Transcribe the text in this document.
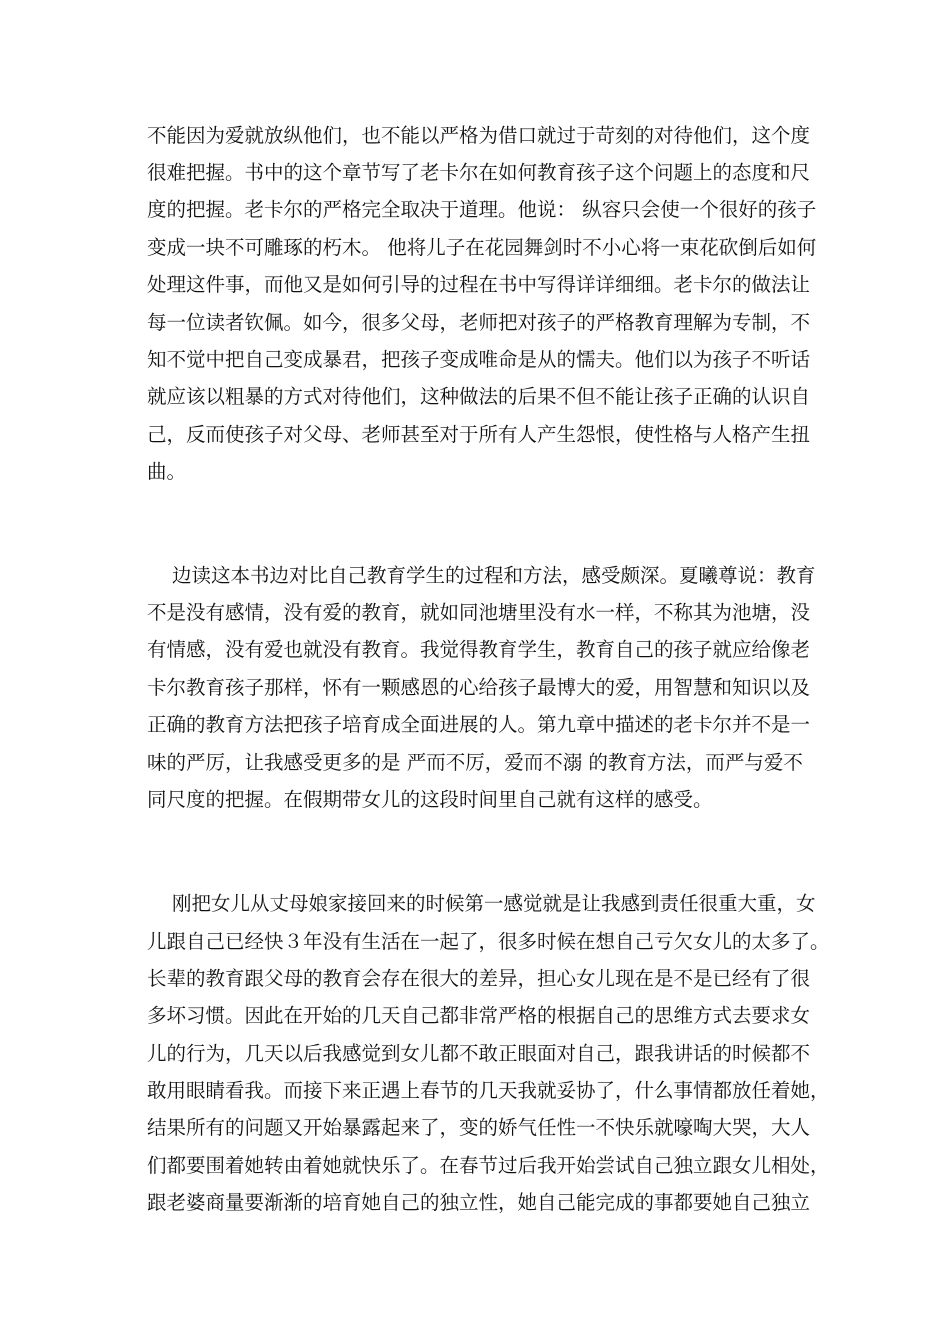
不能因为爱就放纵他们，也不能以严格为借口就过于苛刻的对待他们，这个度
很难把握。书中的这个章节写了老卡尔在如何教育孩子这个问题上的态度和尺
度的把握。老卡尔的严格完全取决于道理。他说： 纵容只会使一个很好的孩子
变成一块不可雕琢的朽木。 他将儿子在花园舞剑时不小心将一束花砍倒后如何
处理这件事，而他又是如何引导的过程在书中写得详详细细。老卡尔的做法让
每一位读者钦佩。如今，很多父母，老师把对孩子的严格教育理解为专制，不
知不觉中把自己变成暴君，把孩子变成唯命是从的懦夫。他们以为孩子不听话
就应该以粗暴的方式对待他们，这种做法的后果不但不能让孩子正确的认识自
己，反而使孩子对父母、老师甚至对于所有人产生怨恨，使性格与人格产生扭
曲。
边读这本书边对比自己教育学生的过程和方法，感受颇深。夏曦尊说：教育
不是没有感情，没有爱的教育，就如同池塘里没有水一样，不称其为池塘，没
有情感，没有爱也就没有教育。我觉得教育学生，教育自己的孩子就应给像老
卡尔教育孩子那样，怀有一颗感恩的心给孩子最博大的爱，用智慧和知识以及
正确的教育方法把孩子培育成全面进展的人。第九章中描述的老卡尔并不是一
味的严厉，让我感受更多的是 严而不厉，爱而不溺 的教育方法，而严与爱不
同尺度的把握。在假期带女儿的这段时间里自己就有这样的感受。
刚把女儿从丈母娘家接回来的时候第一感觉就是让我感到责任很重大重，女
儿跟自己已经快３年没有生活在一起了，很多时候在想自己亏欠女儿的太多了。
长辈的教育跟父母的教育会存在很大的差异，担心女儿现在是不是已经有了很
多坏习惯。因此在开始的几天自己都非常严格的根据自己的思维方式去要求女
儿的行为，几天以后我感觉到女儿都不敢正眼面对自己，跟我讲话的时候都不
敢用眼睛看我。而接下来正遇上春节的几天我就妥协了，什么事情都放任着她，
结果所有的问题又开始暴露起来了，变的娇气任性一不快乐就嚎啕大哭，大人
们都要围着她转由着她就快乐了。在春节过后我开始尝试自己独立跟女儿相处，
跟老婆商量要渐渐的培育她自己的独立性，她自己能完成的事都要她自己独立
